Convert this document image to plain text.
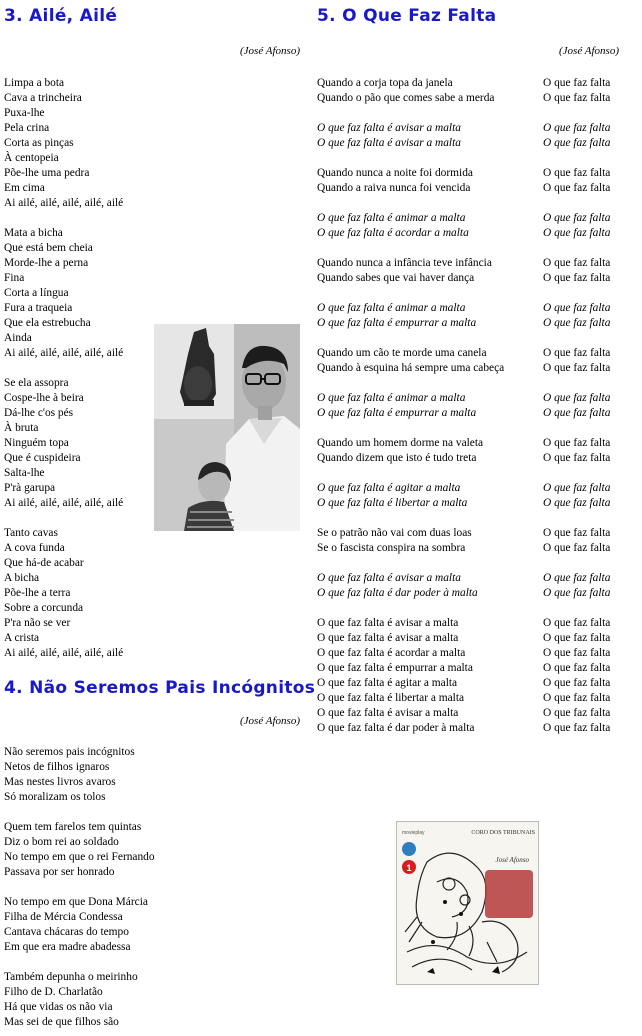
3. Ailé, Ailé
(José Afonso)
Limpa a bota
Cava a trincheira
Puxa-lhe
Pela crina
Corta as pinças
À centopeia
Põe-lhe uma pedra
Em cima
Ai ailé, ailé, ailé, ailé, ailé
Mata a bicha
Que está bem cheia
Morde-lhe a perna
Fina
Corta a língua
Fura a traqueia
Que ela estrebucha
Ainda
Ai ailé, ailé, ailé, ailé, ailé
Se ela assopra
Cospe-lhe à beira
Dá-lhe c'os pés
À bruta
Ninguém topa
Que é cuspideira
Salta-lhe
P'rà garupa
Ai ailé, ailé, ailé, ailé, ailé
Tanto cavas
A cova funda
Que há-de acabar
A bicha
Põe-lhe a terra
Sobre a corcunda
P'ra não se ver
A crista
Ai ailé, ailé, ailé, ailé, ailé
4. Não Seremos Pais Incógnitos
(José Afonso)
Não seremos pais incógnitos
Netos de filhos ignaros
Mas nestes livros avaros
Só moralizam os tolos
Quem tem farelos tem quintas
Diz o bom rei ao soldado
No tempo em que o rei Fernando
Passava por ser honrado
No tempo em que Dona Márcia
Filha de Mércia Condessa
Cantava chácaras do tempo
Em que era madre abadessa
Também depunha o meirinho
Filho de D. Charlatão
Há que vidas os não via
Mas sei de que filhos são
5. O Que Faz Falta
(José Afonso)
Quando a corja topa da janela	O que faz falta
Quando o pão que comes sabe a merda	O que faz falta
O que faz falta é avisar a malta	O que faz falta
O que faz falta é avisar a malta	O que faz falta
Quando nunca a noite foi dormida	O que faz falta
Quando a raiva nunca foi vencida	O que faz falta
O que faz falta é animar a malta	O que faz falta
O que faz falta é acordar a malta	O que faz falta
Quando nunca a infância teve infância	O que faz falta
Quando sabes que vai haver dança	O que faz falta
O que faz falta é animar a malta	O que faz falta
O que faz falta é empurrar a malta	O que faz falta
Quando um cão te morde uma canela	O que faz falta
Quando à esquina há sempre uma cabeça	O que faz falta
O que faz falta é animar a malta	O que faz falta
O que faz falta é empurrar a malta	O que faz falta
Quando um homem dorme na valeta	O que faz falta
Quando dizem que isto é tudo treta	O que faz falta
O que faz falta é agitar a malta	O que faz falta
O que faz falta é libertar a malta	O que faz falta
Se o patrão não vai com duas loas	O que faz falta
Se o fascista conspira na sombra	O que faz falta
O que faz falta é avisar a malta	O que faz falta
O que faz falta é dar poder à malta	O que faz falta
O que faz falta é avisar a malta	O que faz falta
O que faz falta é avisar a malta	O que faz falta
O que faz falta é acordar a malta	O que faz falta
O que faz falta é empurrar a malta	O que faz falta
O que faz falta é agitar a malta	O que faz falta
O que faz falta é libertar a malta	O que faz falta
O que faz falta é avisar a malta	O que faz falta
O que faz falta é dar poder à malta	O que faz falta
1
movieplay	CORO DOS TRIBUNAIS
José Afonso
